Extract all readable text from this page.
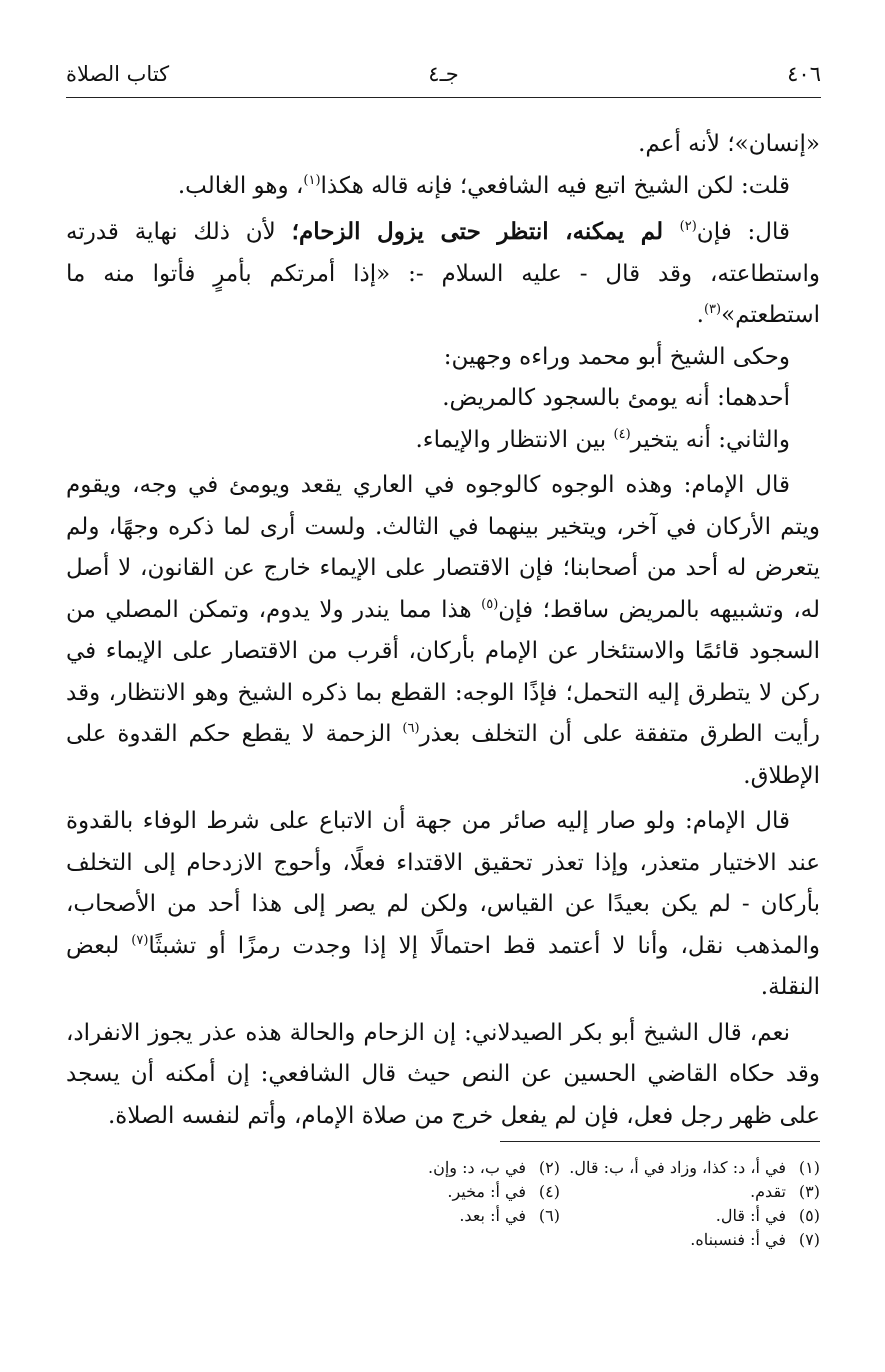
٤٠٦
جـ٤
كتاب الصلاة

«إنسان»؛ لأنه أعم.

قلت: لكن الشيخ اتبع فيه الشافعي؛ فإنه قاله هكذا$^{(١)}$، وهو الغالب.

قال: فإن$^{(٢)}$ لم يمكنه، انتظر حتى يزول الزحام؛ لأن ذلك نهاية قدرته واستطاعته، وقد قال - عليه السلام -: «إذا أمرتكم بأمرٍ فأتوا منه ما استطعتم»$^{(٣)}$.

وحكى الشيخ أبو محمد وراءه وجهين:

أحدهما: أنه يومئ بالسجود كالمريض.

والثاني: أنه يتخير$^{(٤)}$ بين الانتظار والإيماء.

قال الإمام: وهذه الوجوه كالوجوه في العاري يقعد ويومئ في وجه، ويقوم ويتم الأركان في آخر، ويتخير بينهما في الثالث. ولست أرى لما ذكره وجهًا، ولم يتعرض له أحد من أصحابنا؛ فإن الاقتصار على الإيماء خارج عن القانون، لا أصل له، وتشبيهه بالمريض ساقط؛ فإن$^{(٥)}$ هذا مما يندر ولا يدوم، وتمكن المصلي من السجود قائمًا والاستئخار عن الإمام بأركان، أقرب من الاقتصار على الإيماء في ركن لا يتطرق إليه التحمل؛ فإذًا الوجه: القطع بما ذكره الشيخ وهو الانتظار، وقد رأيت الطرق متفقة على أن التخلف بعذر$^{(٦)}$ الزحمة لا يقطع حكم القدوة على الإطلاق.

قال الإمام: ولو صار إليه صائر من جهة أن الاتباع على شرط الوفاء بالقدوة عند الاختيار متعذر، وإذا تعذر تحقيق الاقتداء فعلًا، وأحوج الازدحام إلى التخلف بأركان - لم يكن بعيدًا عن القياس، ولكن لم يصر إلى هذا أحد من الأصحاب، والمذهب نقل، وأنا لا أعتمد قط احتمالًا إلا إذا وجدت رمزًا أو تشبثًا$^{(٧)}$ لبعض النقلة.

نعم، قال الشيخ أبو بكر الصيدلاني: إن الزحام والحالة هذه عذر يجوز الانفراد، وقد حكاه القاضي الحسين عن النص حيث قال الشافعي: إن أمكنه أن يسجد على ظهر رجل فعل، فإن لم يفعل خرج من صلاة الإمام، وأتم لنفسه الصلاة.

(١)في أ، د: كذا، وزاد في أ، ب: قال.
(٢)في ب، د: وإن.
(٣)تقدم.
(٤)في أ: مخير.
(٥)في أ: قال.
(٦)في أ: بعد.
(٧)في أ: فنسبناه.
